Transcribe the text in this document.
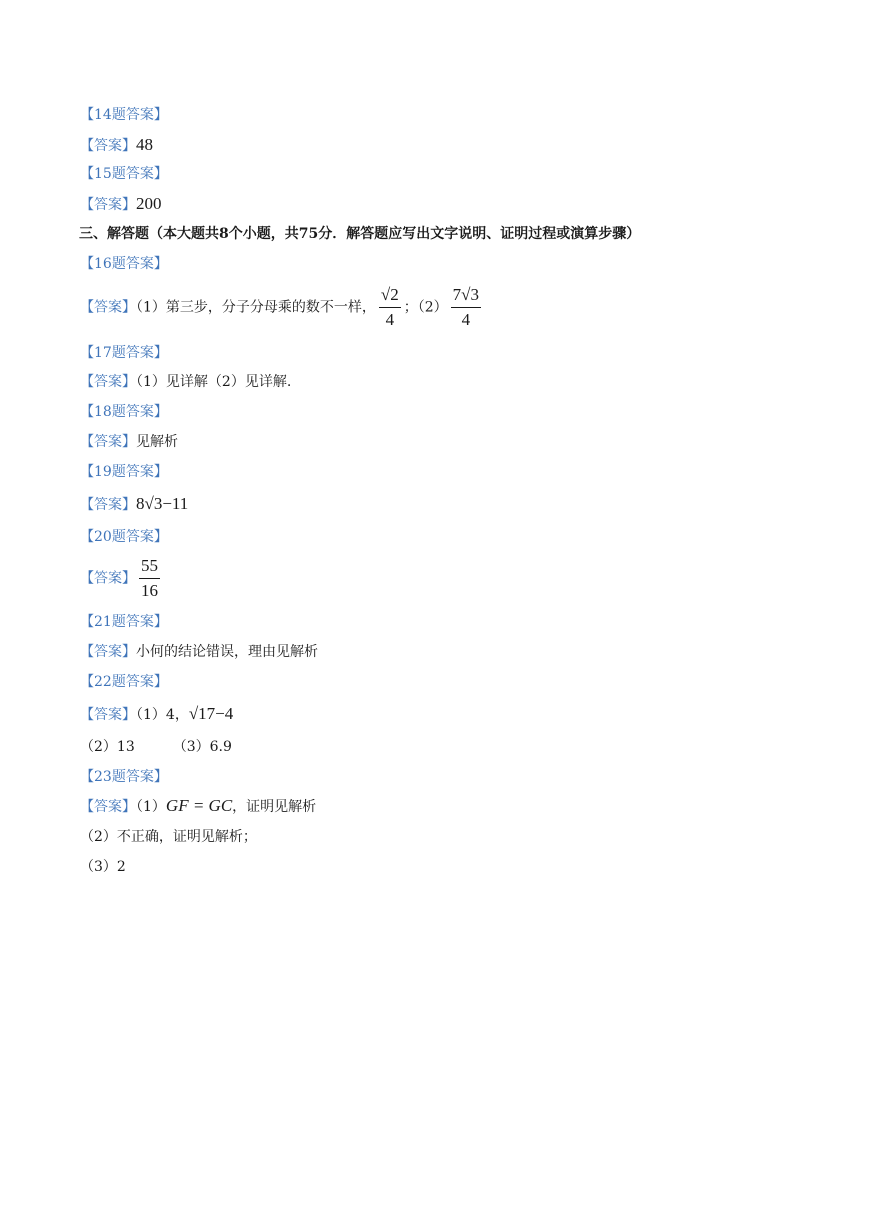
【14题答案】
【答案】48
【15题答案】
【答案】200
三、解答题（本大题共8个小题，共75分．解答题应写出文字说明、证明过程或演算步骤）
【16题答案】
【答案】（1）第三步，分子分母乘的数不一样， $\frac{√2}{4}$ ；$(2) \frac{7√3}{4}$
【17题答案】
【答案】（1）见详解（2）见详解.
【18题答案】
【答案】见解析
【19题答案】
【答案】8√3−11
【20题答案】
【答案】 $\frac{55}{16}$
【21题答案】
【答案】小何的结论错误，理由见解析
【22题答案】
【答案】（1）4，√17−4
（2）13	（3）6.9
【23题答案】
【答案】（1）GF = GC，证明见解析
（2）不正确，证明见解析；
（3）2
